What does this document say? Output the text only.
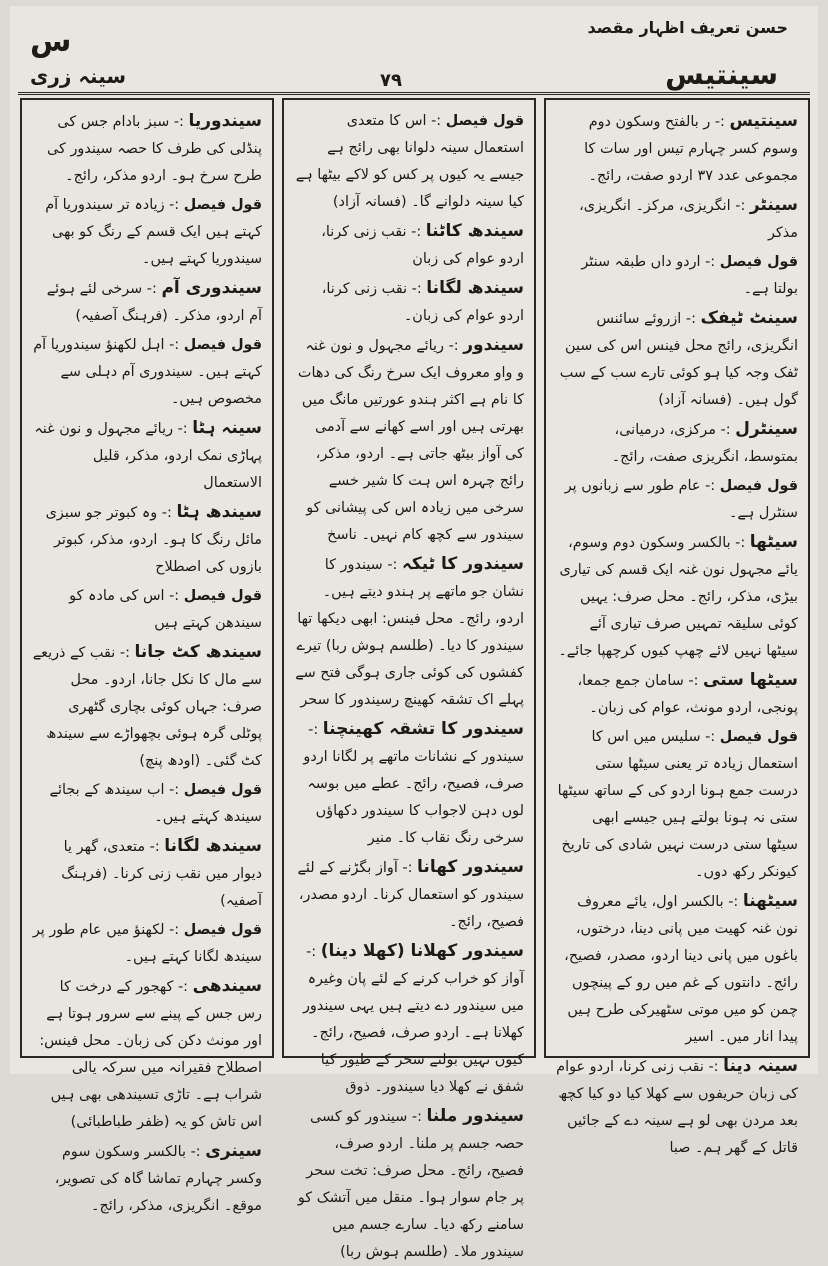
س	حسن تعریف اظہار مقصد
سینہ زری	۷۹	سینتیس
سینتیس :- ر بالفتح وسکون دوم وسوم کسر چہارم تیس اور سات کا مجموعی عدد ۳۷ اردو صفت، رائج۔
سینٹر :- انگریزی، مرکز۔ انگریزی، مذکر
قول فیصل :- اردو داں طبقہ سنٹر بولتا ہے۔
سینٹ ٹیفک :- ازروئے سائنس انگریزی، رائج محل فینس اس کی سین ٹفک وجہ کیا ہو کوئی تارے سب کے سب گول ہیں۔ (فسانہ آزاد)
سینٹرل :- مرکزی، درمیانی، بمتوسط، انگریزی صفت، رائج۔
قول فیصل :- عام طور سے زبانوں پر سنٹرل ہے۔
سیٹھا :- بالکسر وسکون دوم وسوم، یائے مجہول نون غنہ ایک قسم کی تیاری بیڑی، مذکر، رائج۔ محل صرف: یہیں کوئی سلیقہ تمہیں صرف تیاری آئے سیٹھا نہیں لائے چھپ کیوں کرچھپا جائے۔
سیٹھا ستی :- سامان جمع جمعا، پونجی، اردو مونث، عوام کی زبان۔
قول فیصل :- سلیس میں اس کا استعمال زیادہ تر یعنی سیٹھا ستی درست جمع ہونا اردو کی کے ساتھ سیٹھا ستی نہ ہونا بولتے ہیں جیسے ابھی سیٹھا ستی درست نہیں شادی کی تاریخ کیونکر رکھ دوں۔
سیٹھنا :- بالکسر اول، یائے معروف نون غنہ کھیت میں پانی دینا، درختوں، باغوں میں پانی دینا اردو، مصدر، فصیح، رائج۔ دانتوں کے غم میں رو کے پینچوں چمن کو میں موتی سٹھیرکی طرح ہیں پیدا انار میں۔ اسیر
سینہ دینا :- نقب زنی کرنا، اردو عوام کی زبان حریفوں سے کھلا کیا دو کیا کچھ بعد مردن بھی لو ہے سینہ دے کے جائیں قاتل کے گھر ہم۔ صبا
قول فیصل :- اس کا متعدی استعمال سینہ دلوانا بھی رائج ہے جیسے یہ کیوں پر کس کو لاکے بیٹھا ہے کیا سینہ دلوانے گا۔ (فسانہ آزاد)
سیندھ کاٹنا :- نقب زنی کرنا، اردو عوام کی زبان
سیندھ لگانا :- نقب زنی کرنا، اردو عوام کی زبان۔
سیندور :- ریائے مجہول و نون غنہ و واو معروف ایک سرخ رنگ کی دھات کا نام ہے اکثر ہندو عورتیں مانگ میں بھرتی ہیں اور اسے کھانے سے آدمی کی آواز بیٹھ جاتی ہے۔ اردو، مذکر، رائج چہرہ اس ہت کا شیر خسے سرخی میں زیادہ اس کی پیشانی کو سیندور سے کچھ کام نہیں۔ ناسخ
سیندور کا ٹیکہ :- سیندور کا نشان جو ماتھے پر ہندو دیتے ہیں۔ اردو، رائج۔ محل فینس: ابھی دیکھا تھا سیندور کا دیا۔ (طلسم ہوش ربا) تیرے کفشوں کی کوئی جاری ہوگی فتح سے پہلے اک تشقہ کھینچ رسیندور کا سحر
سیندور کا تشقہ کھینچنا :- سیندور کے نشانات ماتھے پر لگانا اردو صرف، فصیح، رائج۔ عطے میں بوسہ لوں دہن لاجواب کا سیندور دکھاؤں سرخی رنگ نقاب کا۔ منیر
سیندور کھانا :- آواز بگڑنے کے لئے سیندور کو استعمال کرنا۔ اردو مصدر، فصیح، رائج۔
سیندور کھلانا (کھلا دینا) :- آواز کو خراب کرنے کے لئے پان وغیرہ میں سیندور دے دیتے ہیں یہی سیندور کھلانا ہے۔ اردو صرف، فصیح، رائج۔ کیوں نہیں بولتے سحر کے طیور کیا شفق نے کھلا دیا سیندور۔ ذوق
سیندور ملنا :- سیندور کو کسی حصہ جسم پر ملنا۔ اردو صرف، فصیح، رائج۔ محل صرف: تخت سحر پر جام سوار ہوا۔ منقل میں آتشک کو سامنے رکھ دیا۔ سارے جسم میں سیندور ملا۔ (طلسم ہوش ربا)
سیندوریا :- سبز بادام جس کی پنڈلی کی طرف کا حصہ سیندور کی طرح سرخ ہو۔ اردو مذکر، رائج۔
قول فیصل :- زیادہ تر سیندوریا آم کہتے ہیں ایک قسم کے رنگ کو بھی سیندوریا کہتے ہیں۔
سیندوری آم :- سرخی لئے ہوئے آم اردو، مذکر۔ (فرہنگ آصفیہ)
قول فیصل :- اہل لکھنؤ سیندوریا آم کہتے ہیں۔ سیندوری آم دہلی سے مخصوص ہیں۔
سینہ ہٹا :- ریائے مجہول و نون غنہ پہاڑی نمک اردو، مذکر، قلیل الاستعمال
سیندھ ہٹا :- وہ کبوتر جو سبزی مائل رنگ کا ہو۔ اردو، مذکر، کبوتر بازوں کی اصطلاح
قول فیصل :- اس کی مادہ کو سیندھن کہتے ہیں
سیندھ کٹ جانا :- نقب کے ذریعے سے مال کا نکل جانا، اردو۔ محل صرف: جہاں کوئی بچاری گٹھری پوٹلی گرہ ہوئی بچھواڑے سے سیندھ کٹ گئی۔ (اودھ پنچ)
قول فیصل :- اب سیندھ کے بجائے سیندھ کہتے ہیں۔
سیندھ لگانا :- متعدی، گھر یا دیوار میں نقب زنی کرنا۔ (فرہنگ آصفیہ)
قول فیصل :- لکھنؤ میں عام طور پر سیندھ لگانا کہتے ہیں۔
سیندھی :- کھجور کے درخت کا رس جس کے پینے سے سرور ہوتا ہے اور مونث دکن کی زبان۔ محل فینس: اصطلاح فقیرانہ میں سرکہ یالی شراب ہے۔ تاڑی تسیندھی بھی ہیں اس تاش کو یہ (ظفر طباطبائی)
سینری :- بالکسر وسکون سوم وکسر چہارم تماشا گاہ کی تصویر، موقع۔ انگریزی، مذکر، رائج۔
